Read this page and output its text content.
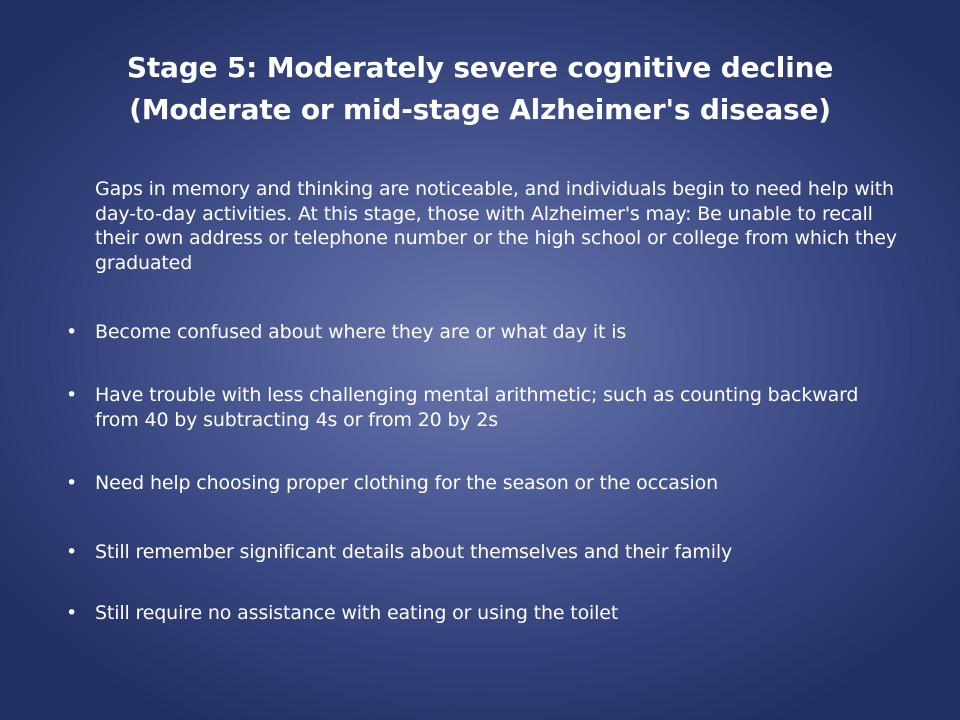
Stage 5: Moderately severe cognitive decline
(Moderate or mid-stage Alzheimer's disease)
Gaps in memory and thinking are noticeable, and individuals begin to need help with day-to-day activities. At this stage, those with Alzheimer's may: Be unable to recall their own address or telephone number or the high school or college from which they graduated
• Become confused about where they are or what day it is
• Have trouble with less challenging mental arithmetic; such as counting backward from 40 by subtracting 4s or from 20 by 2s
• Need help choosing proper clothing for the season or the occasion
• Still remember significant details about themselves and their family
• Still require no assistance with eating or using the toilet
